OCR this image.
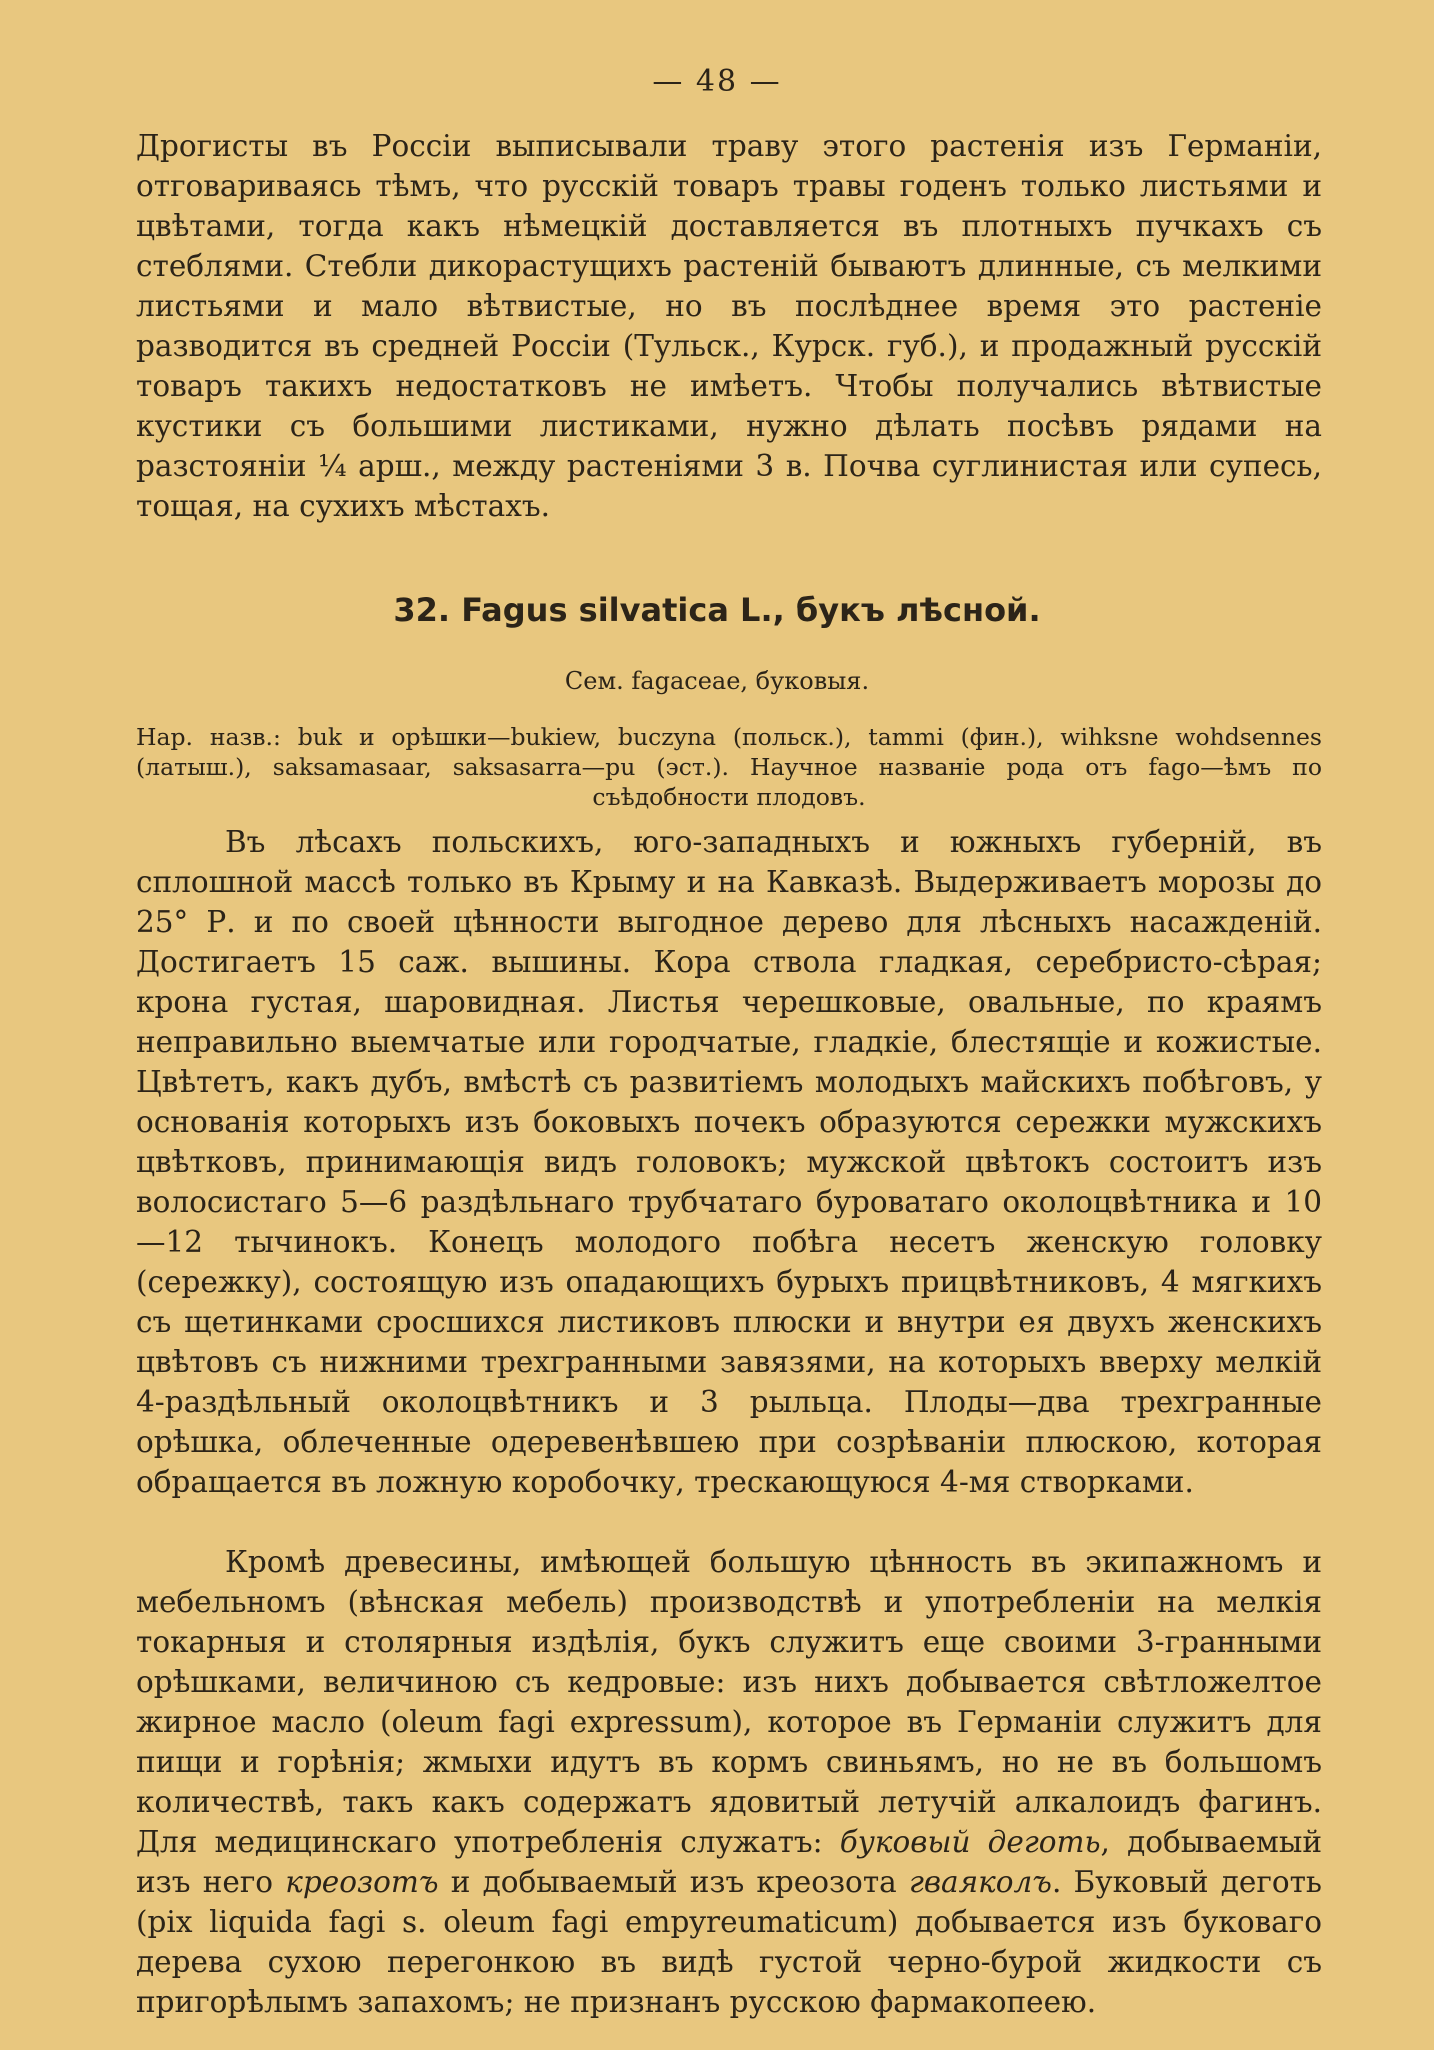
— 48 —

Дрогисты въ Россіи выписывали траву этого растенія изъ Германіи, отговариваясь тѣмъ, что русскій товаръ травы годенъ только листьями и цвѣтами, тогда какъ нѣмецкій доставляется въ плотныхъ пучкахъ съ стеблями. Стебли дикорастущихъ растеній бываютъ длинные, съ мелкими листьями и мало вѣтвистые, но въ послѣднее время это растеніе разводится въ средней Россіи (Тульск., Курск. губ.), и продажный русскій товаръ такихъ недостатковъ не имѣетъ. Чтобы получались вѣтвистые кустики съ большими листиками, нужно дѣлать посѣвъ рядами на разстояніи ¼ арш., между растеніями 3 в. Почва суглинистая или супесь, тощая, на сухихъ мѣстахъ.

32. Fagus silvatica L., букъ лѣсной.

Сем. fagaceae, буковыя.

Нар. назв.: buk и орѣшки—bukiew, buczyna (польск.), tammi (фин.), wihksne wohdsennes (латыш.), saksamasaar, saksasarra—pu (эст.). Научное названіе рода отъ fago—ѣмъ по съѣдобности плодовъ.

Въ лѣсахъ польскихъ, юго-западныхъ и южныхъ губерній, въ сплошной массѣ только въ Крыму и на Кавказѣ. Выдерживаетъ морозы до 25° Р. и по своей цѣнности выгодное дерево для лѣсныхъ насажденій. Достигаетъ 15 саж. вышины. Кора ствола гладкая, серебристо-сѣрая; крона густая, шаровидная. Листья черешковые, овальные, по краямъ неправильно выемчатые или городчатые, гладкіе, блестящіе и кожистые. Цвѣтетъ, какъ дубъ, вмѣстѣ съ развитіемъ молодыхъ майскихъ побѣговъ, у основанія которыхъ изъ боковыхъ почекъ образуются сережки мужскихъ цвѣтковъ, принимающія видъ головокъ; мужской цвѣтокъ состоитъ изъ волосистаго 5—6 раздѣльнаго трубчатаго буроватаго околоцвѣтника и 10—12 тычинокъ. Конецъ молодого побѣга несетъ женскую головку (сережку), состоящую изъ опадающихъ бурыхъ прицвѣтниковъ, 4 мягкихъ съ щетинками сросшихся листиковъ плюски и внутри ея двухъ женскихъ цвѣтовъ съ нижними трехгранными завязями, на которыхъ вверху мелкій 4-раздѣльный околоцвѣтникъ и 3 рыльца. Плоды—два трехгранные орѣшка, облеченные одеревенѣвшею при созрѣваніи плюскою, которая обращается въ ложную коробочку, трескающуюся 4-мя створками.

Кромѣ древесины, имѣющей большую цѣнность въ экипажномъ и мебельномъ (вѣнская мебель) производствѣ и употребленіи на мелкія токарныя и столярныя издѣлія, букъ служитъ еще своими 3-гранными орѣшками, величиною съ кедровые: изъ нихъ добывается свѣтложелтое жирное масло (oleum fagi expressum), которое въ Германіи служитъ для пищи и горѣнія; жмыхи идутъ въ кормъ свиньямъ, но не въ большомъ количествѣ, такъ какъ содержатъ ядовитый летучій алкалоидъ фагинъ. Для медицинскаго употребленія служатъ: буковый деготь, добываемый изъ него креозотъ и добываемый изъ креозота гваяколъ. Буковый деготь (pix liquida fagi s. oleum fagi empyreumaticum) добывается изъ буковаго дерева сухою перегонкою въ видѣ густой черно-бурой жидкости съ пригорѣлымъ запахомъ; не признанъ русскою фармакопеею.
